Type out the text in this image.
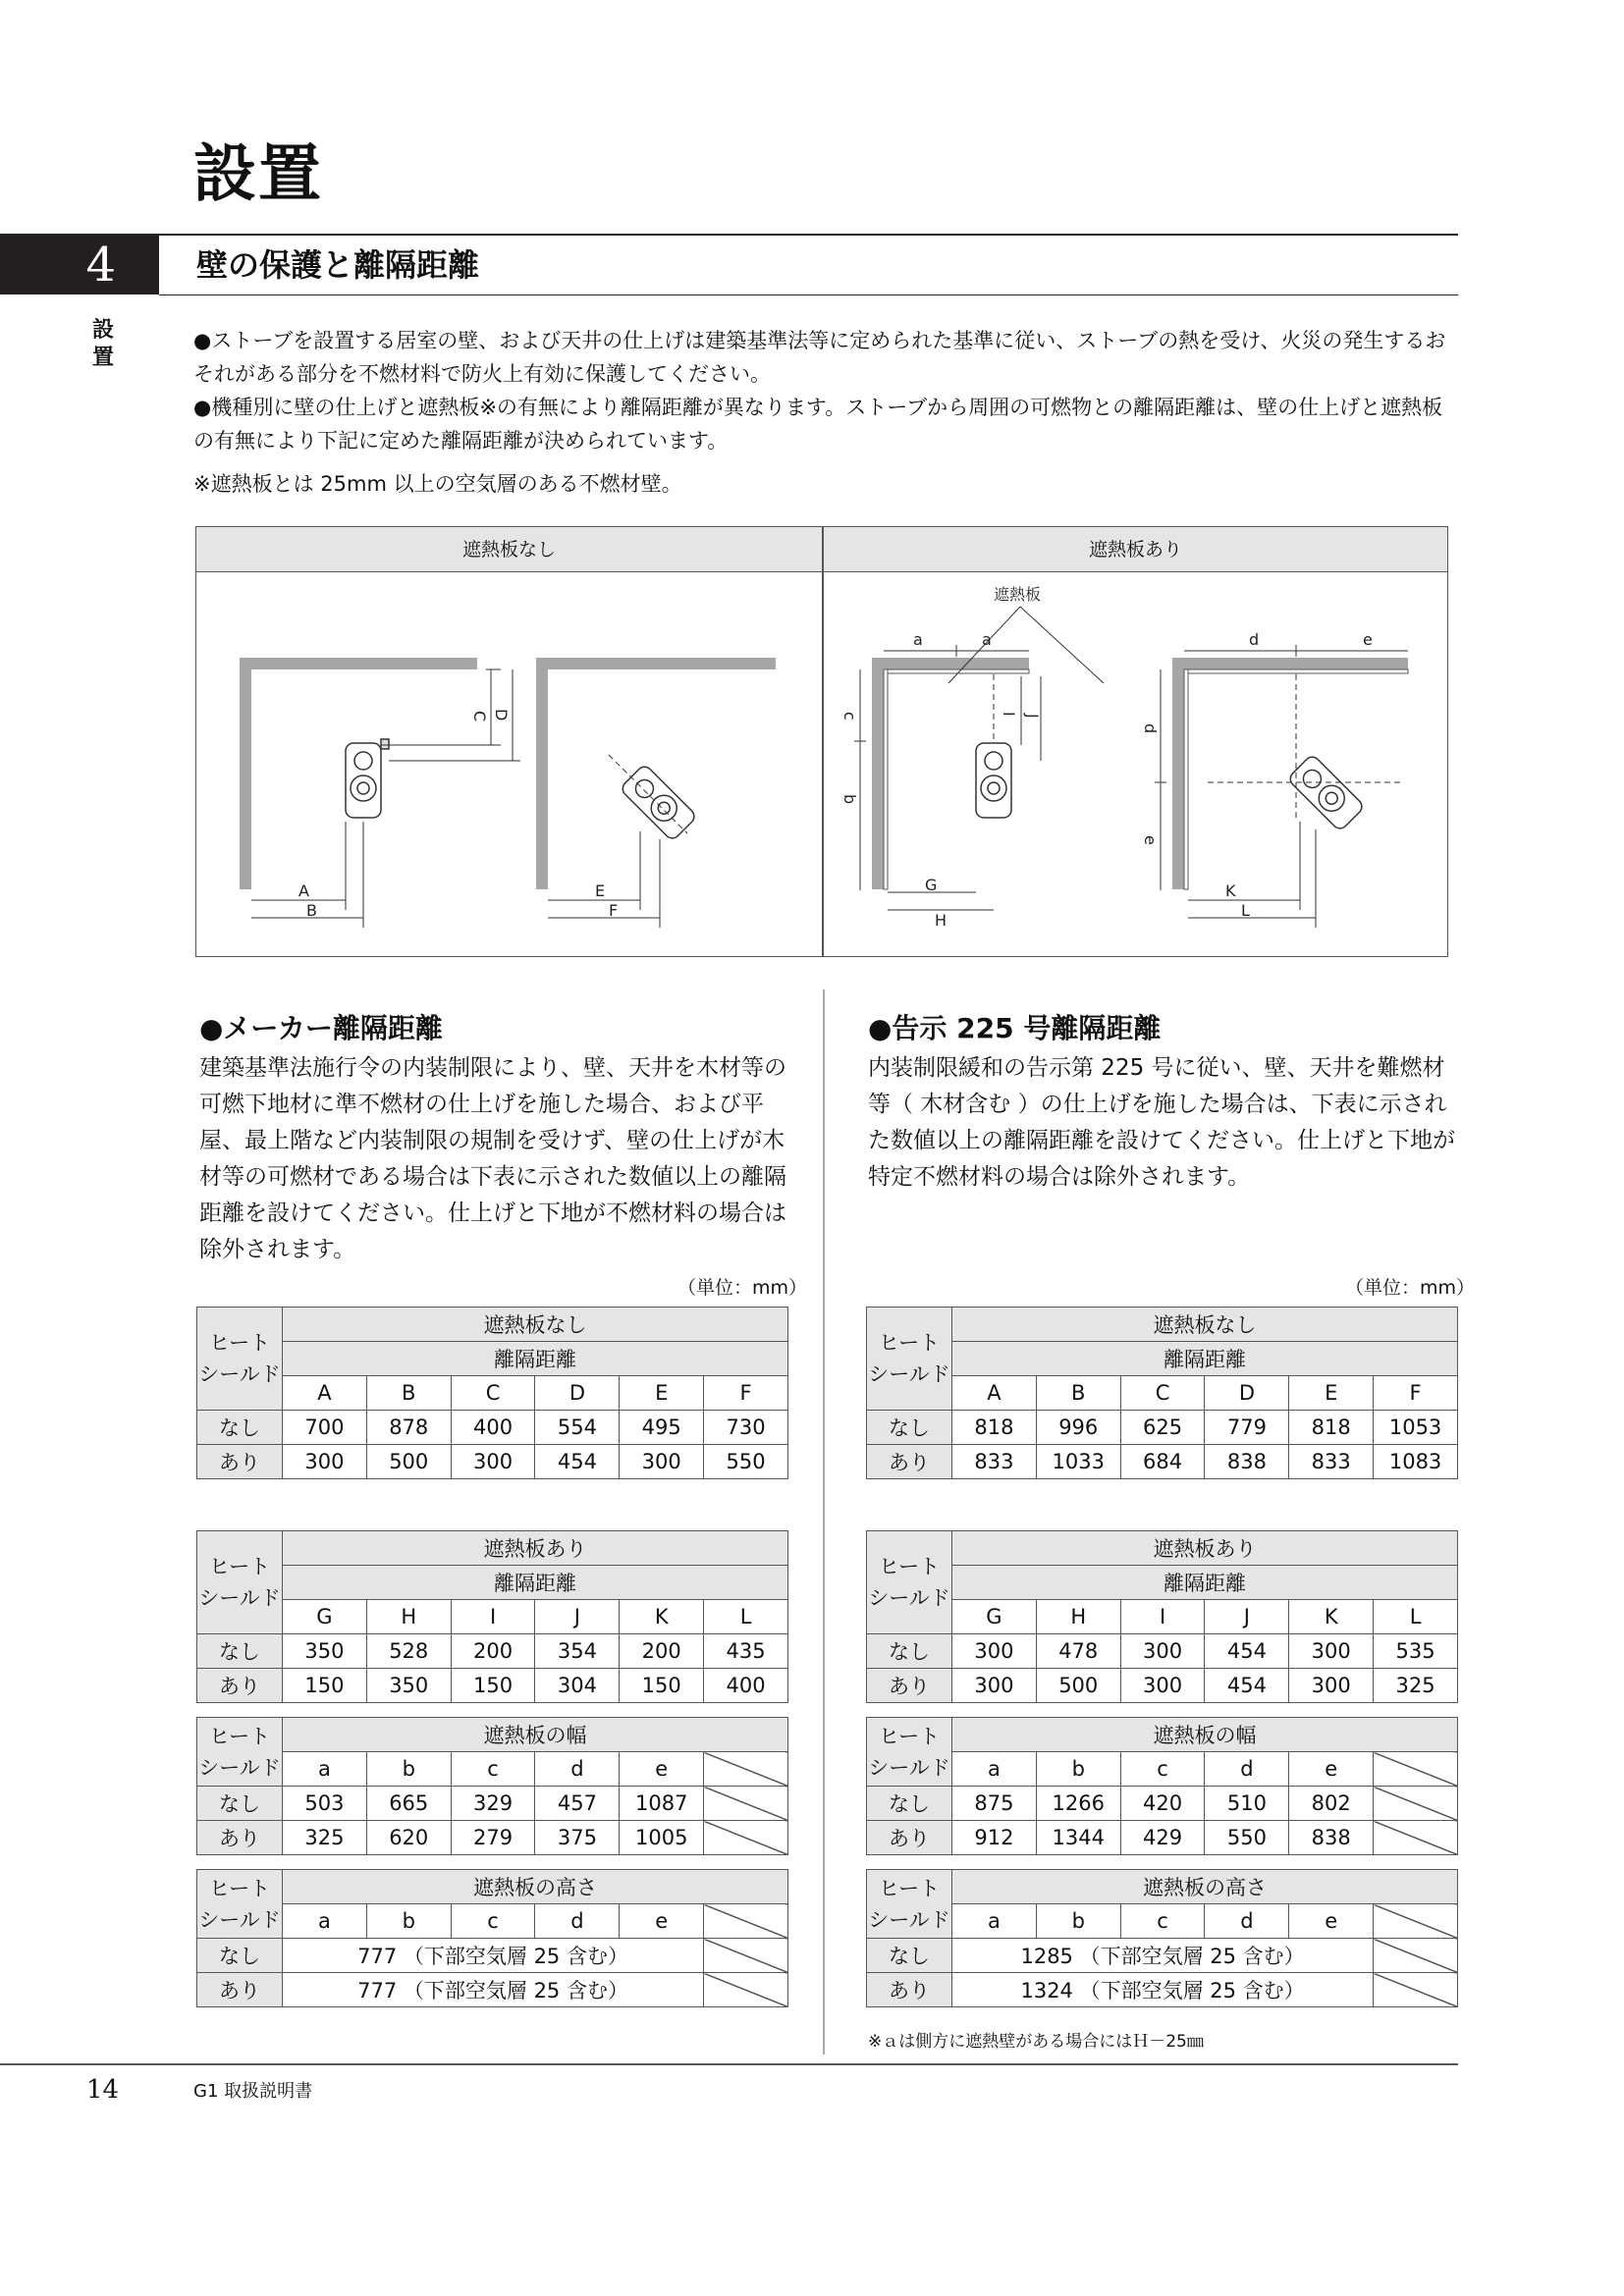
設置
4	壁の保護と離隔距離
設置
●ストーブを設置する居室の壁、および天井の仕上げは建築基準法等に定められた基準に従い、ストーブの熱を受け、火災の発生するおそれがある部分を不燃材料で防火上有効に保護してください。
●機種別に壁の仕上げと遮熱板※の有無により離隔距離が異なります。ストーブから周囲の可燃物との離隔距離は、壁の仕上げと遮熱板の有無により下記に定めた離隔距離が決められています。
※遮熱板とは 25mm 以上の空気層のある不燃材壁。
遮熱板なし	遮熱板あり
A
B
C D
E
F
a	a
c
b
G
H
I J
遮熱板
d	e
d
e
K
L
●メーカー離隔距離
建築基準法施行令の内装制限により、壁、天井を木材等の可燃下地材に準不燃材の仕上げを施した場合、および平屋、最上階など内装制限の規制を受けず、壁の仕上げが木材等の可燃材である場合は下表に示された数値以上の離隔距離を設けてください。仕上げと下地が不燃材料の場合は除外されます。
●告示 225 号離隔距離
内装制限緩和の告示第 225 号に従い、壁、天井を難燃材等（ 木材含む ）の仕上げを施した場合は、下表に示された数値以上の離隔距離を設けてください。仕上げと下地が特定不燃材料の場合は除外されます。
（単位：mm）	（単位：mm）
ヒート
シールド	遮熱板なし					
	離隔距離					
	A	B	C	D	E	F
なし	700	878	400	554	495	730
あり	300	500	300	454	300	550
ヒート
シールド	遮熱板なし					
	離隔距離					
	A	B	C	D	E	F
なし	818	996	625	779	818	1053
あり	833	1033	684	838	833	1083
ヒート
シールド	遮熱板あり					
	離隔距離					
	G	H	I	J	K	L
なし	350	528	200	354	200	435
あり	150	350	150	304	150	400
ヒート
シールド	遮熱板あり					
	離隔距離					
	G	H	I	J	K	L
なし	300	478	300	454	300	535
あり	300	500	300	454	300	325
ヒート
シールド	遮熱板の幅					
	a	b	c	d	e	
なし	503	665	329	457	1087	
あり	325	620	279	375	1005	
ヒート
シールド	遮熱板の幅					
	a	b	c	d	e	
なし	875	1266	420	510	802	
あり	912	1344	429	550	838	
ヒート
シールド	遮熱板の高さ					
	a	b	c	d	e	
なし	777 （下部空気層 25 含む）					
あり	777 （下部空気層 25 含む）					
ヒート
シールド	遮熱板の高さ					
	a	b	c	d	e	
なし	1285 （下部空気層 25 含む）					
あり	1324 （下部空気層 25 含む）					
※ａは側方に遮熱壁がある場合にはＨ－25㎜
14	G1 取扱説明書
